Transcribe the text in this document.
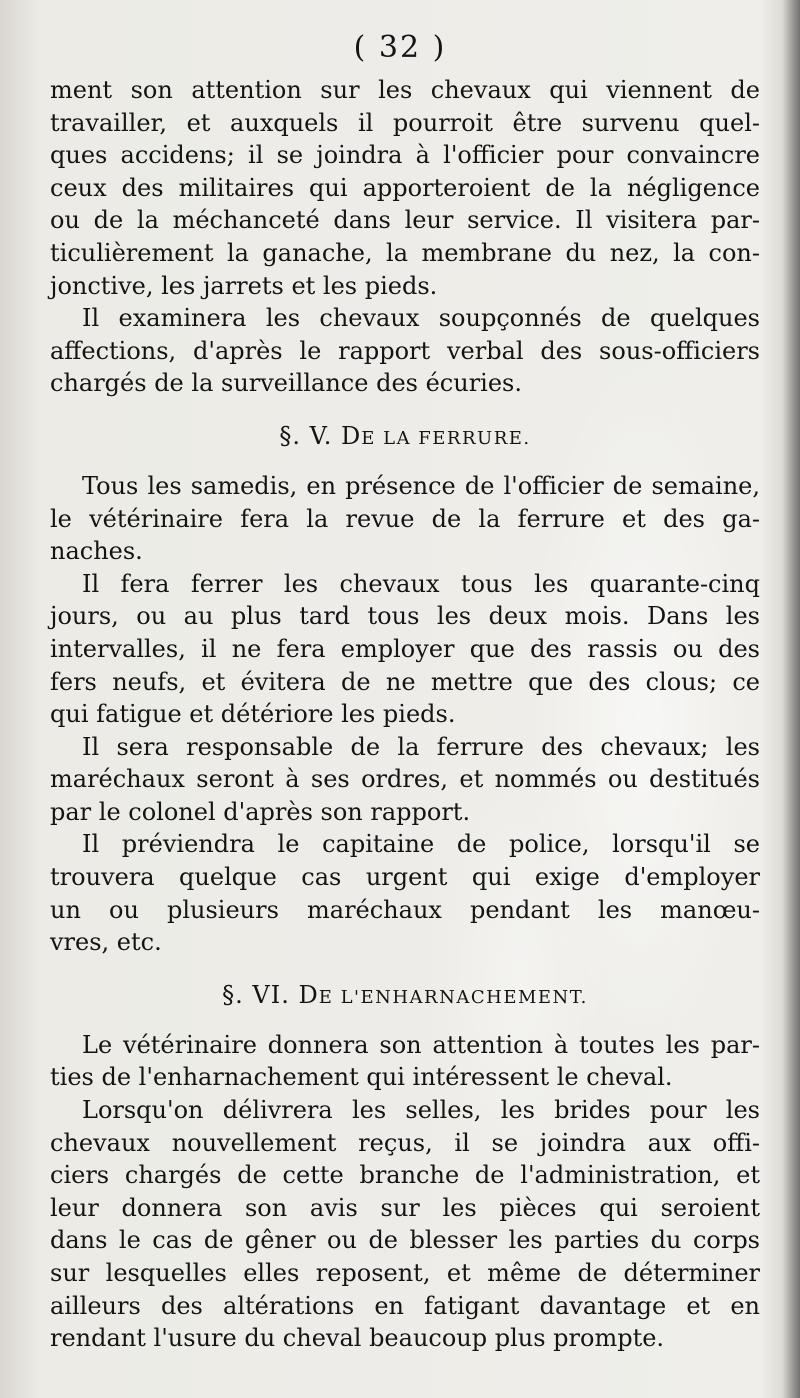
( 32 )

ment son attention sur les chevaux qui viennent de
travailler, et auxquels il pourroit être survenu quel-
ques accidens; il se joindra à l'officier pour convaincre
ceux des militaires qui apporteroient de la négligence
ou de la méchanceté dans leur service. Il visitera par-
ticulièrement la ganache, la membrane du nez, la con-
jonctive, les jarrets et les pieds.
Il examinera les chevaux soupçonnés de quelques
affections, d'après le rapport verbal des sous-officiers
chargés de la surveillance des écuries.
§. V. DE LA FERRURE.
Tous les samedis, en présence de l'officier de semaine,
le vétérinaire fera la revue de la ferrure et des ga-
naches.
Il fera ferrer les chevaux tous les quarante-cinq
jours, ou au plus tard tous les deux mois. Dans les
intervalles, il ne fera employer que des rassis ou des
fers neufs, et évitera de ne mettre que des clous; ce
qui fatigue et détériore les pieds.
Il sera responsable de la ferrure des chevaux; les
maréchaux seront à ses ordres, et nommés ou destitués
par le colonel d'après son rapport.
Il préviendra le capitaine de police, lorsqu'il se
trouvera quelque cas urgent qui exige d'employer
un ou plusieurs maréchaux pendant les manœu-
vres, etc.
§. VI. DE L'ENHARNACHEMENT.
Le vétérinaire donnera son attention à toutes les par-
ties de l'enharnachement qui intéressent le cheval.
Lorsqu'on délivrera les selles, les brides pour les
chevaux nouvellement reçus, il se joindra aux offi-
ciers chargés de cette branche de l'administration, et
leur donnera son avis sur les pièces qui seroient
dans le cas de gêner ou de blesser les parties du corps
sur lesquelles elles reposent, et même de déterminer
ailleurs des altérations en fatigant davantage et en
rendant l'usure du cheval beaucoup plus prompte.
